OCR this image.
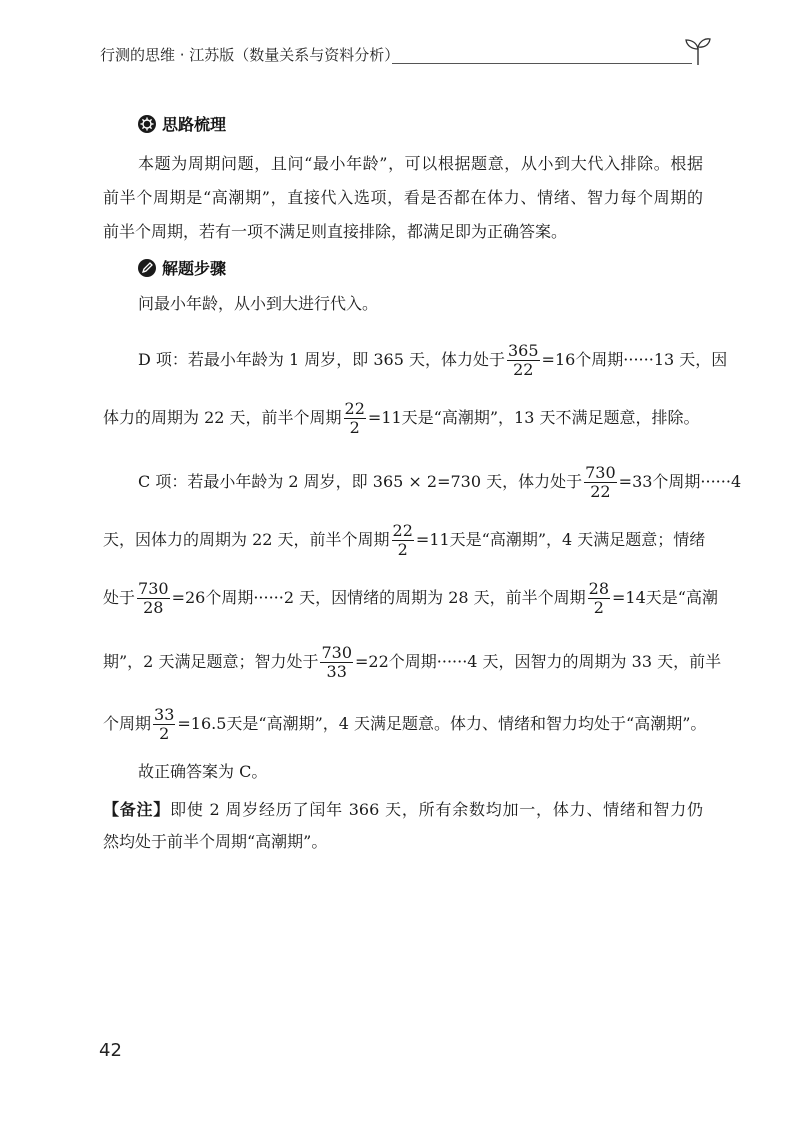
行测的思维 · 江苏版（数量关系与资料分析）
思路梳理
本题为周期问题，且问“最小年龄”，可以根据题意，从小到大代入排除。根据
前半个周期是“高潮期”，直接代入选项，看是否都在体力、情绪、智力每个周期的
前半个周期，若有一项不满足则直接排除，都满足即为正确答案。
解题步骤
问最小年龄，从小到大进行代入。
D 项：若最小年龄为 1 周岁，即 365 天，体力处于 $\frac{365}{22} =16$个周期······13 天，因
体力的周期为 22 天，前半个周期 $\frac{22}{2} =11$天是“高潮期”，13 天不满足题意，排除。
C 项：若最小年龄为 2 周岁，即 365 × 2=730 天，体力处于 $\frac{730}{22} =33$个周期······4
天，因体力的周期为 22 天，前半个周期 $\frac{22}{2} =11$天是“高潮期”，4 天满足题意；情绪
处于 $\frac{730}{28} =26$个周期······2 天，因情绪的周期为 28 天，前半个周期 $\frac{28}{2} =14$天是“高潮
期”，2 天满足题意；智力处于 $\frac{730}{33} =22$个周期······4 天，因智力的周期为 33 天，前半
个周期 $\frac{33}{2} =16.5$天是“高潮期”，4 天满足题意。体力、情绪和智力均处于“高潮期”。
故正确答案为 C。
【备注】即使 2 周岁经历了闰年 366 天，所有余数均加一，体力、情绪和智力仍
然均处于前半个周期“高潮期”。
42
